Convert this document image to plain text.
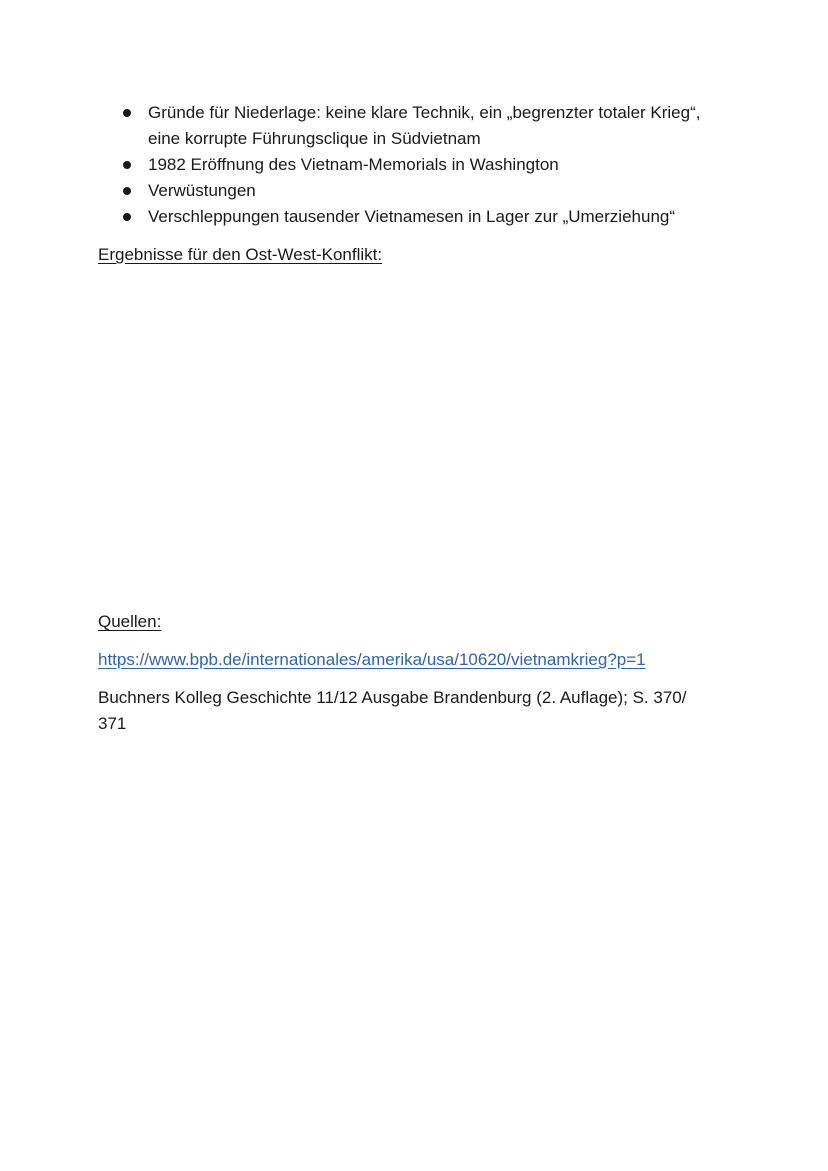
Gründe für Niederlage: keine klare Technik, ein „begrenzter totaler Krieg“, eine korrupte Führungsclique in Südvietnam
1982 Eröffnung des Vietnam-Memorials in Washington
Verwüstungen
Verschleppungen tausender Vietnamesen in Lager zur „Umerziehung“
Ergebnisse für den Ost-West-Konflikt:
Quellen:
https://www.bpb.de/internationales/amerika/usa/10620/vietnamkrieg?p=1
Buchners Kolleg Geschichte 11/12 Ausgabe Brandenburg (2. Auflage); S. 370/ 371
